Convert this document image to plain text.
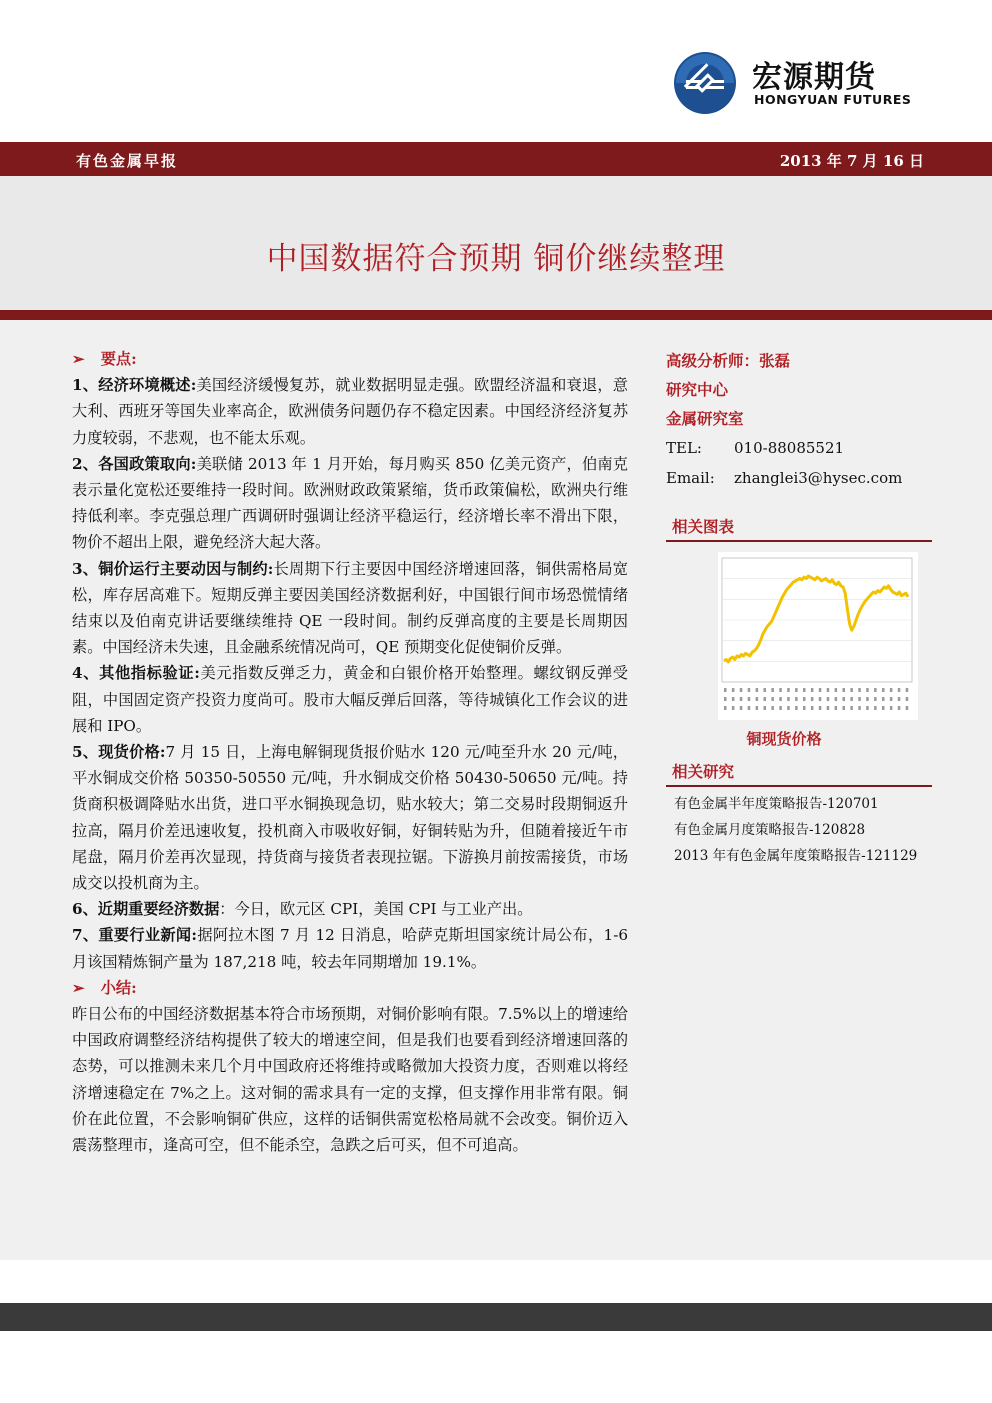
宏源期货
HONGYUAN FUTURES
有色金属早报	2013 年 7 月 16 日
中国数据符合预期 铜价继续整理

➢ 要点:

1、经济环境概述:美国经济缓慢复苏，就业数据明显走强。欧盟经济温和衰退，意大利、西班牙等国失业率高企，欧洲债务问题仍存不稳定因素。中国经济经济复苏力度较弱，不悲观，也不能太乐观。

2、各国政策取向:美联储 2013 年 1 月开始，每月购买 850 亿美元资产，伯南克表示量化宽松还要维持一段时间。欧洲财政政策紧缩，货币政策偏松，欧洲央行维持低利率。李克强总理广西调研时强调让经济平稳运行，经济增长率不滑出下限，物价不超出上限，避免经济大起大落。

3、铜价运行主要动因与制约:长周期下行主要因中国经济增速回落，铜供需格局宽松，库存居高难下。短期反弹主要因美国经济数据利好，中国银行间市场恐慌情绪结束以及伯南克讲话要继续维持 QE 一段时间。制约反弹高度的主要是长周期因素。中国经济未失速，且金融系统情况尚可，QE 预期变化促使铜价反弹。

4、其他指标验证:美元指数反弹乏力，黄金和白银价格开始整理。螺纹钢反弹受阻，中国固定资产投资力度尚可。股市大幅反弹后回落，等待城镇化工作会议的进展和 IPO。

5、现货价格:7 月 15 日，上海电解铜现货报价贴水 120 元/吨至升水 20 元/吨，平水铜成交价格 50350-50550 元/吨，升水铜成交价格 50430-50650 元/吨。持货商积极调降贴水出货，进口平水铜换现急切，贴水较大；第二交易时段期铜返升拉高，隔月价差迅速收复，投机商入市吸收好铜，好铜转贴为升，但随着接近午市尾盘，隔月价差再次显现，持货商与接货者表现拉锯。下游换月前按需接货，市场成交以投机商为主。

6、近期重要经济数据：今日，欧元区 CPI，美国 CPI 与工业产出。

7、重要行业新闻:据阿拉木图 7 月 12 日消息，哈萨克斯坦国家统计局公布，1-6 月该国精炼铜产量为 187,218 吨，较去年同期增加 19.1%。

➢ 小结:

昨日公布的中国经济数据基本符合市场预期，对铜价影响有限。7.5%以上的增速给中国政府调整经济结构提供了较大的增速空间，但是我们也要看到经济增速回落的态势，可以推测未来几个月中国政府还将维持或略微加大投资力度，否则难以将经济增速稳定在 7%之上。这对铜的需求具有一定的支撑，但支撑作用非常有限。铜价在此位置，不会影响铜矿供应，这样的话铜供需宽松格局就不会改变。铜价迈入震荡整理市，逢高可空，但不能杀空，急跌之后可买，但不可追高。

高级分析师：张磊
研究中心
金属研究室
TEL: 010-88085521
Email: zhanglei3@hysec.com
相关图表
相关研究
有色金属半年度策略报告-120701
有色金属月度策略报告-120828
2013 年有色金属年度策略报告-121129
铜现货价格
